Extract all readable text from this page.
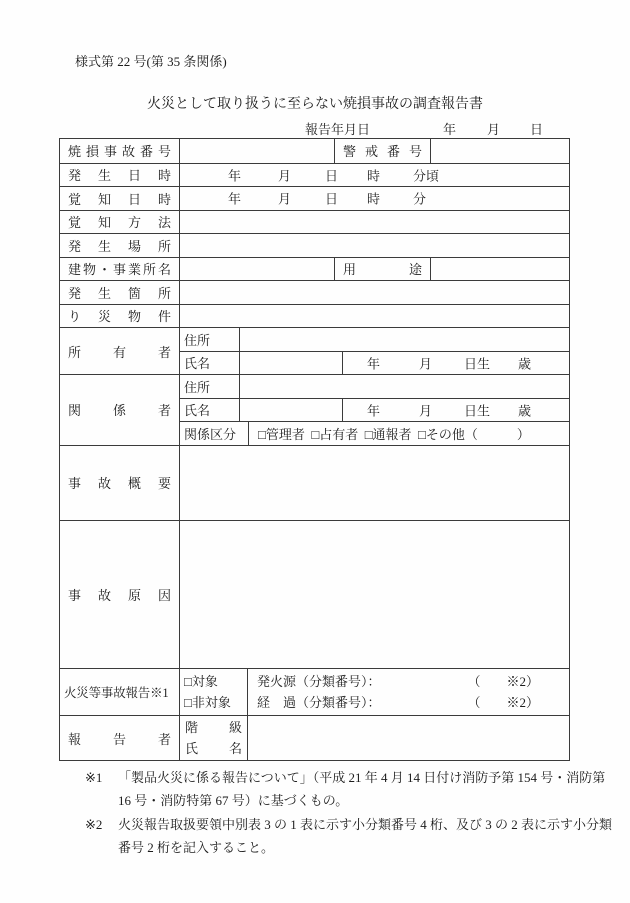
様式第 22 号(第 35 条関係)
火災として取り扱うに至らない焼損事故の調査報告書
報告年月日	年 月 日
焼損事故番号	警戒番号
発生日時	年	月	日 時	分頃
覚知日時	年	月	日 時	分
覚知方法
発生場所
建物・事業所名	用途
発生箇所
り災物件
所有者
住所
氏名	年	月 日生 歳
関係者
住所
氏名	年	月 日生 歳
関係区分	□管理者  □占有者  □通報者  □その他（　　　）
事故概要
事故原因
火災等事故報告※1
□対象
□非対象
発火源（分類番号）：	（　　※2）
経　過（分類番号）：	（　　※2）
報告者
階級
氏名
※1	「製品火災に係る報告について」（平成 21 年 4 月 14 日付け消防予第 154 号・消防第
16 号・消防特第 67 号）に基づくもの。
※2	火災報告取扱要領中別表 3 の 1 表に示す小分類番号 4 桁、及び 3 の 2 表に示す小分類
番号 2 桁を記入すること。
